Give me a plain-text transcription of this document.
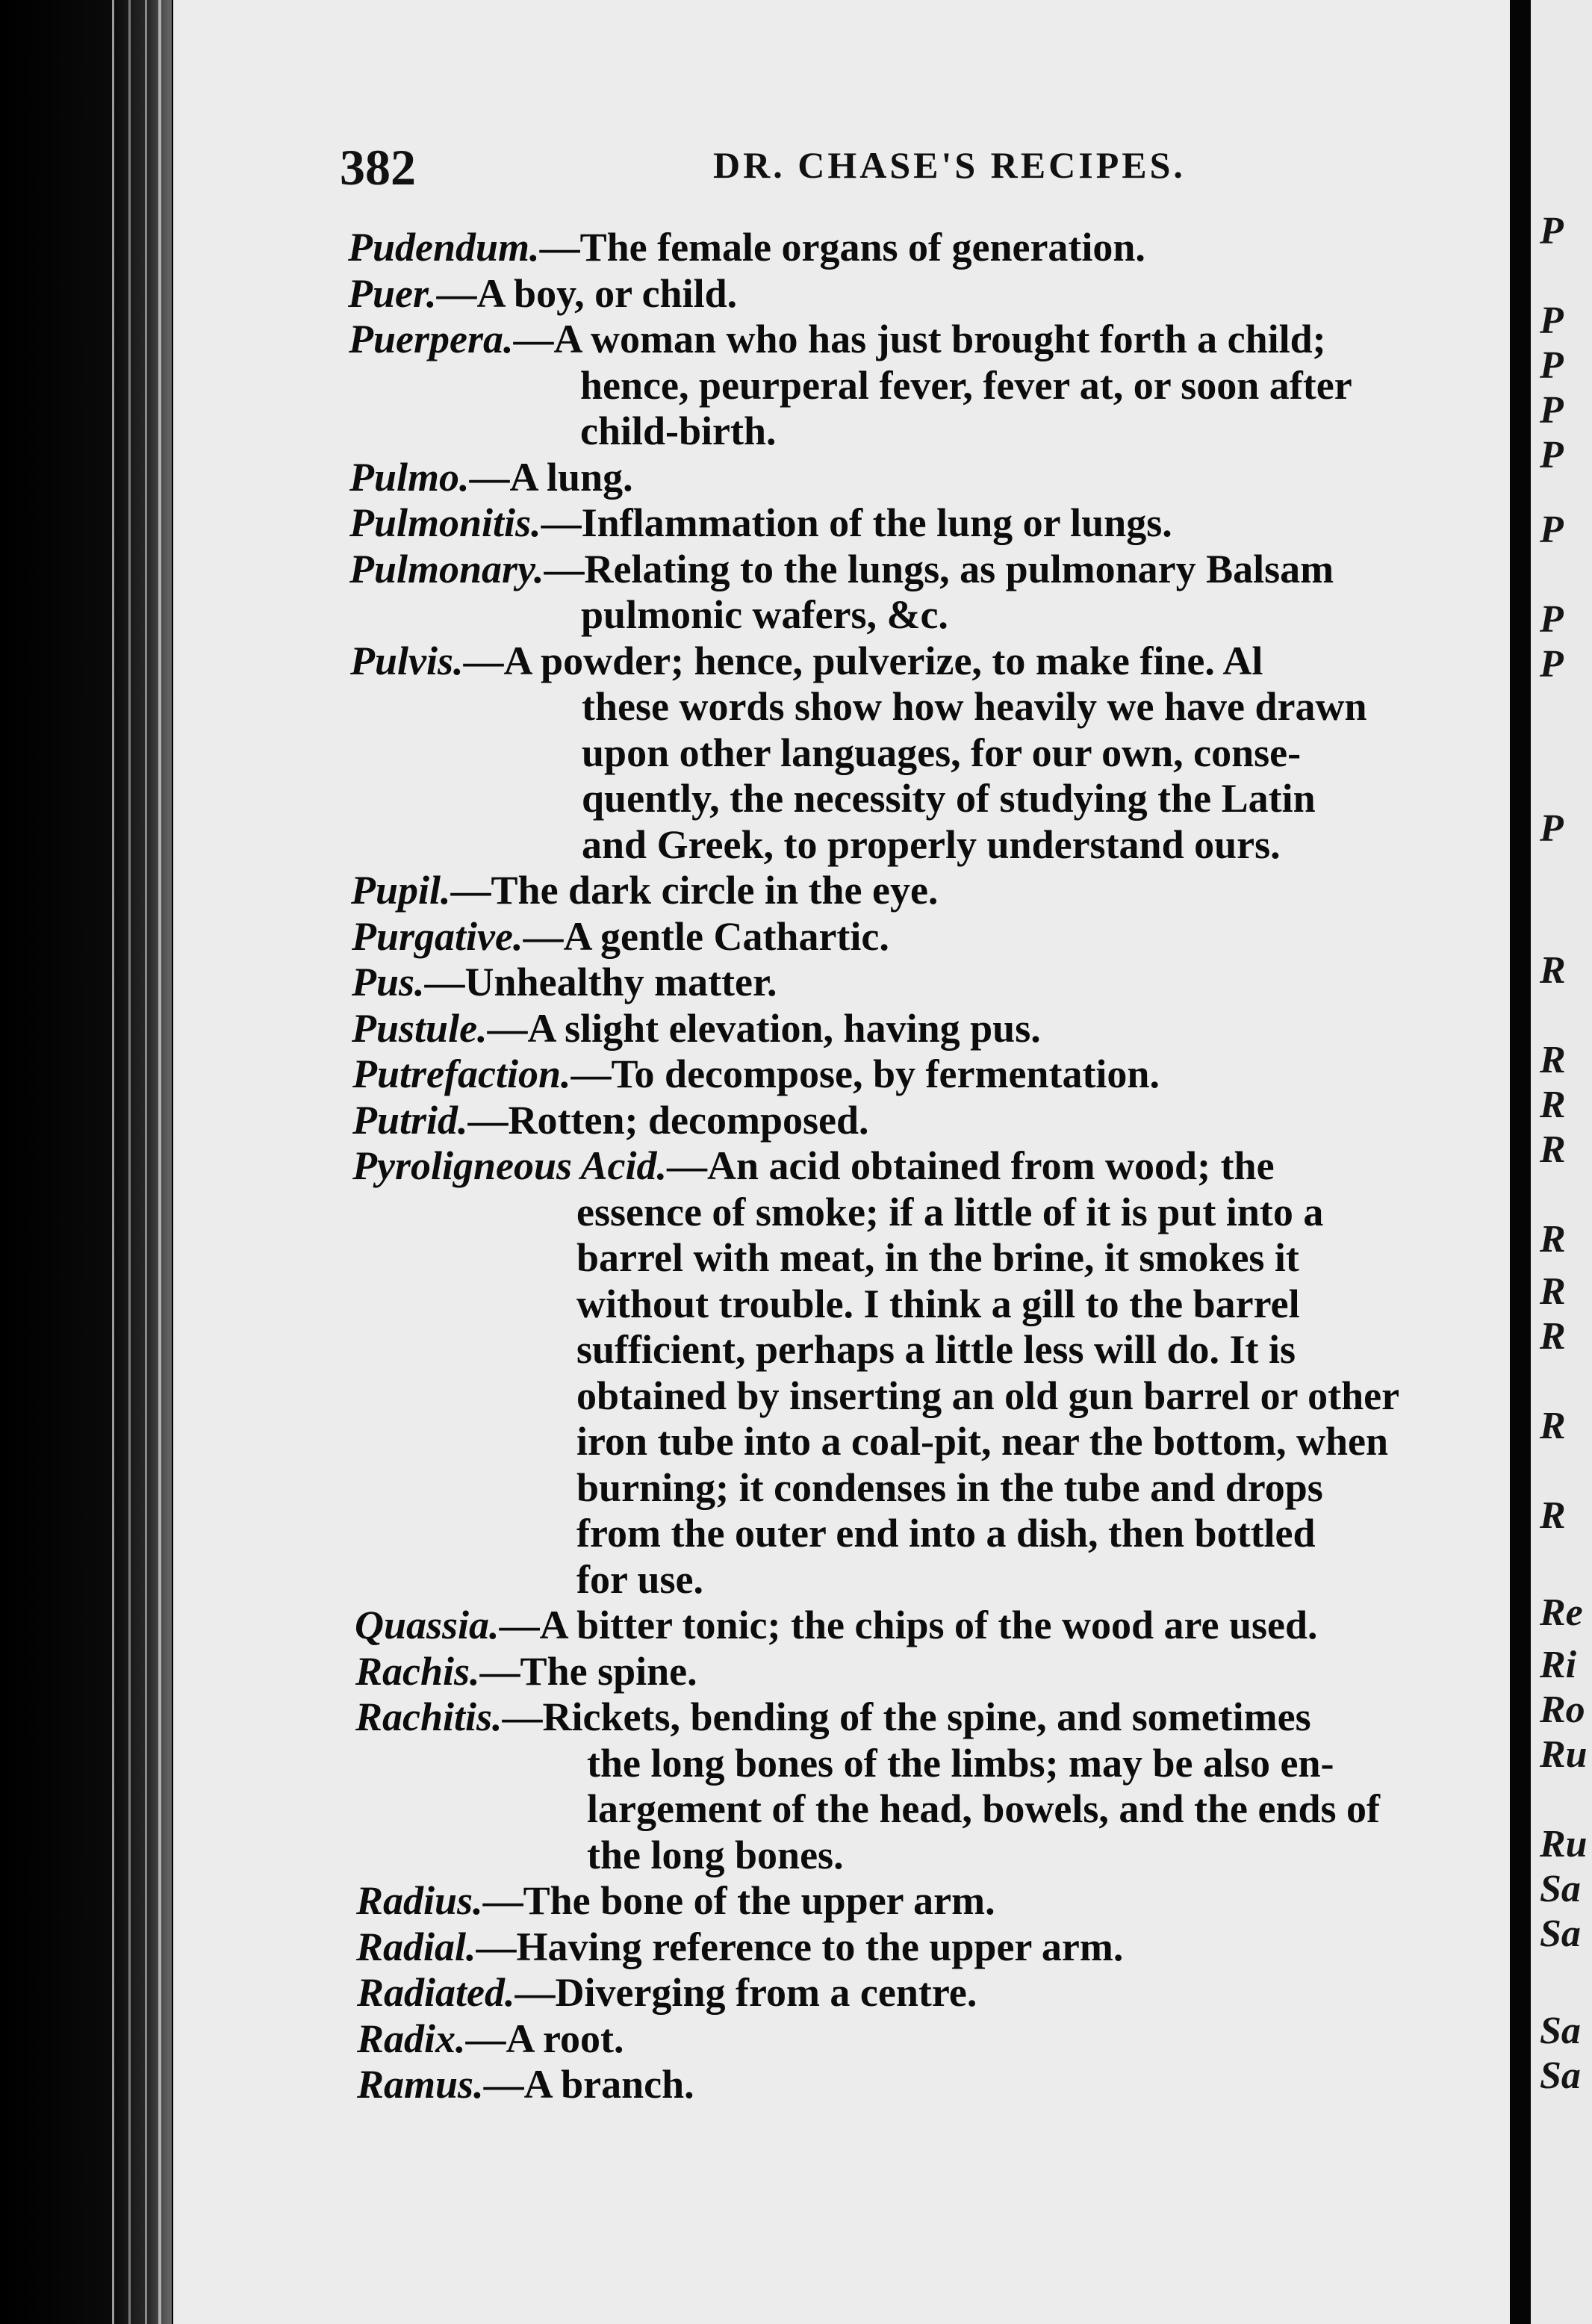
P
P
P
P
P
P
P
P
P
R
R
R
R
R
R
R
R
R
Re
Ri
Ro
Ru
Ru
Sa
Sa
Sa
Sa
382	DR. CHASE'S RECIPES.
Pudendum.—The female organs of generation.
Puer.—A boy, or child.
Puerpera.—A woman who has just brought forth a child;
hence, peurperal fever, fever at, or soon after
child-birth.
Pulmo.—A lung.
Pulmonitis.—Inflammation of the lung or lungs.
Pulmonary.—Relating to the lungs, as pulmonary Balsam
pulmonic wafers, &c.
Pulvis.—A powder; hence, pulverize, to make fine. Al
these words show how heavily we have drawn
upon other languages, for our own, conse-
quently, the necessity of studying the Latin
and Greek, to properly understand ours.
Pupil.—The dark circle in the eye.
Purgative.—A gentle Cathartic.
Pus.—Unhealthy matter.
Pustule.—A slight elevation, having pus.
Putrefaction.—To decompose, by fermentation.
Putrid.—Rotten; decomposed.
Pyroligneous Acid.—An acid obtained from wood; the
essence of smoke; if a little of it is put into a
barrel with meat, in the brine, it smokes it
without trouble. I think a gill to the barrel
sufficient, perhaps a little less will do. It is
obtained by inserting an old gun barrel or other
iron tube into a coal-pit, near the bottom, when
burning; it condenses in the tube and drops
from the outer end into a dish, then bottled
for use.
Quassia.—A bitter tonic; the chips of the wood are used.
Rachis.—The spine.
Rachitis.—Rickets, bending of the spine, and sometimes
the long bones of the limbs; may be also en-
largement of the head, bowels, and the ends of
the long bones.
Radius.—The bone of the upper arm.
Radial.—Having reference to the upper arm.
Radiated.—Diverging from a centre.
Radix.—A root.
Ramus.—A branch.
